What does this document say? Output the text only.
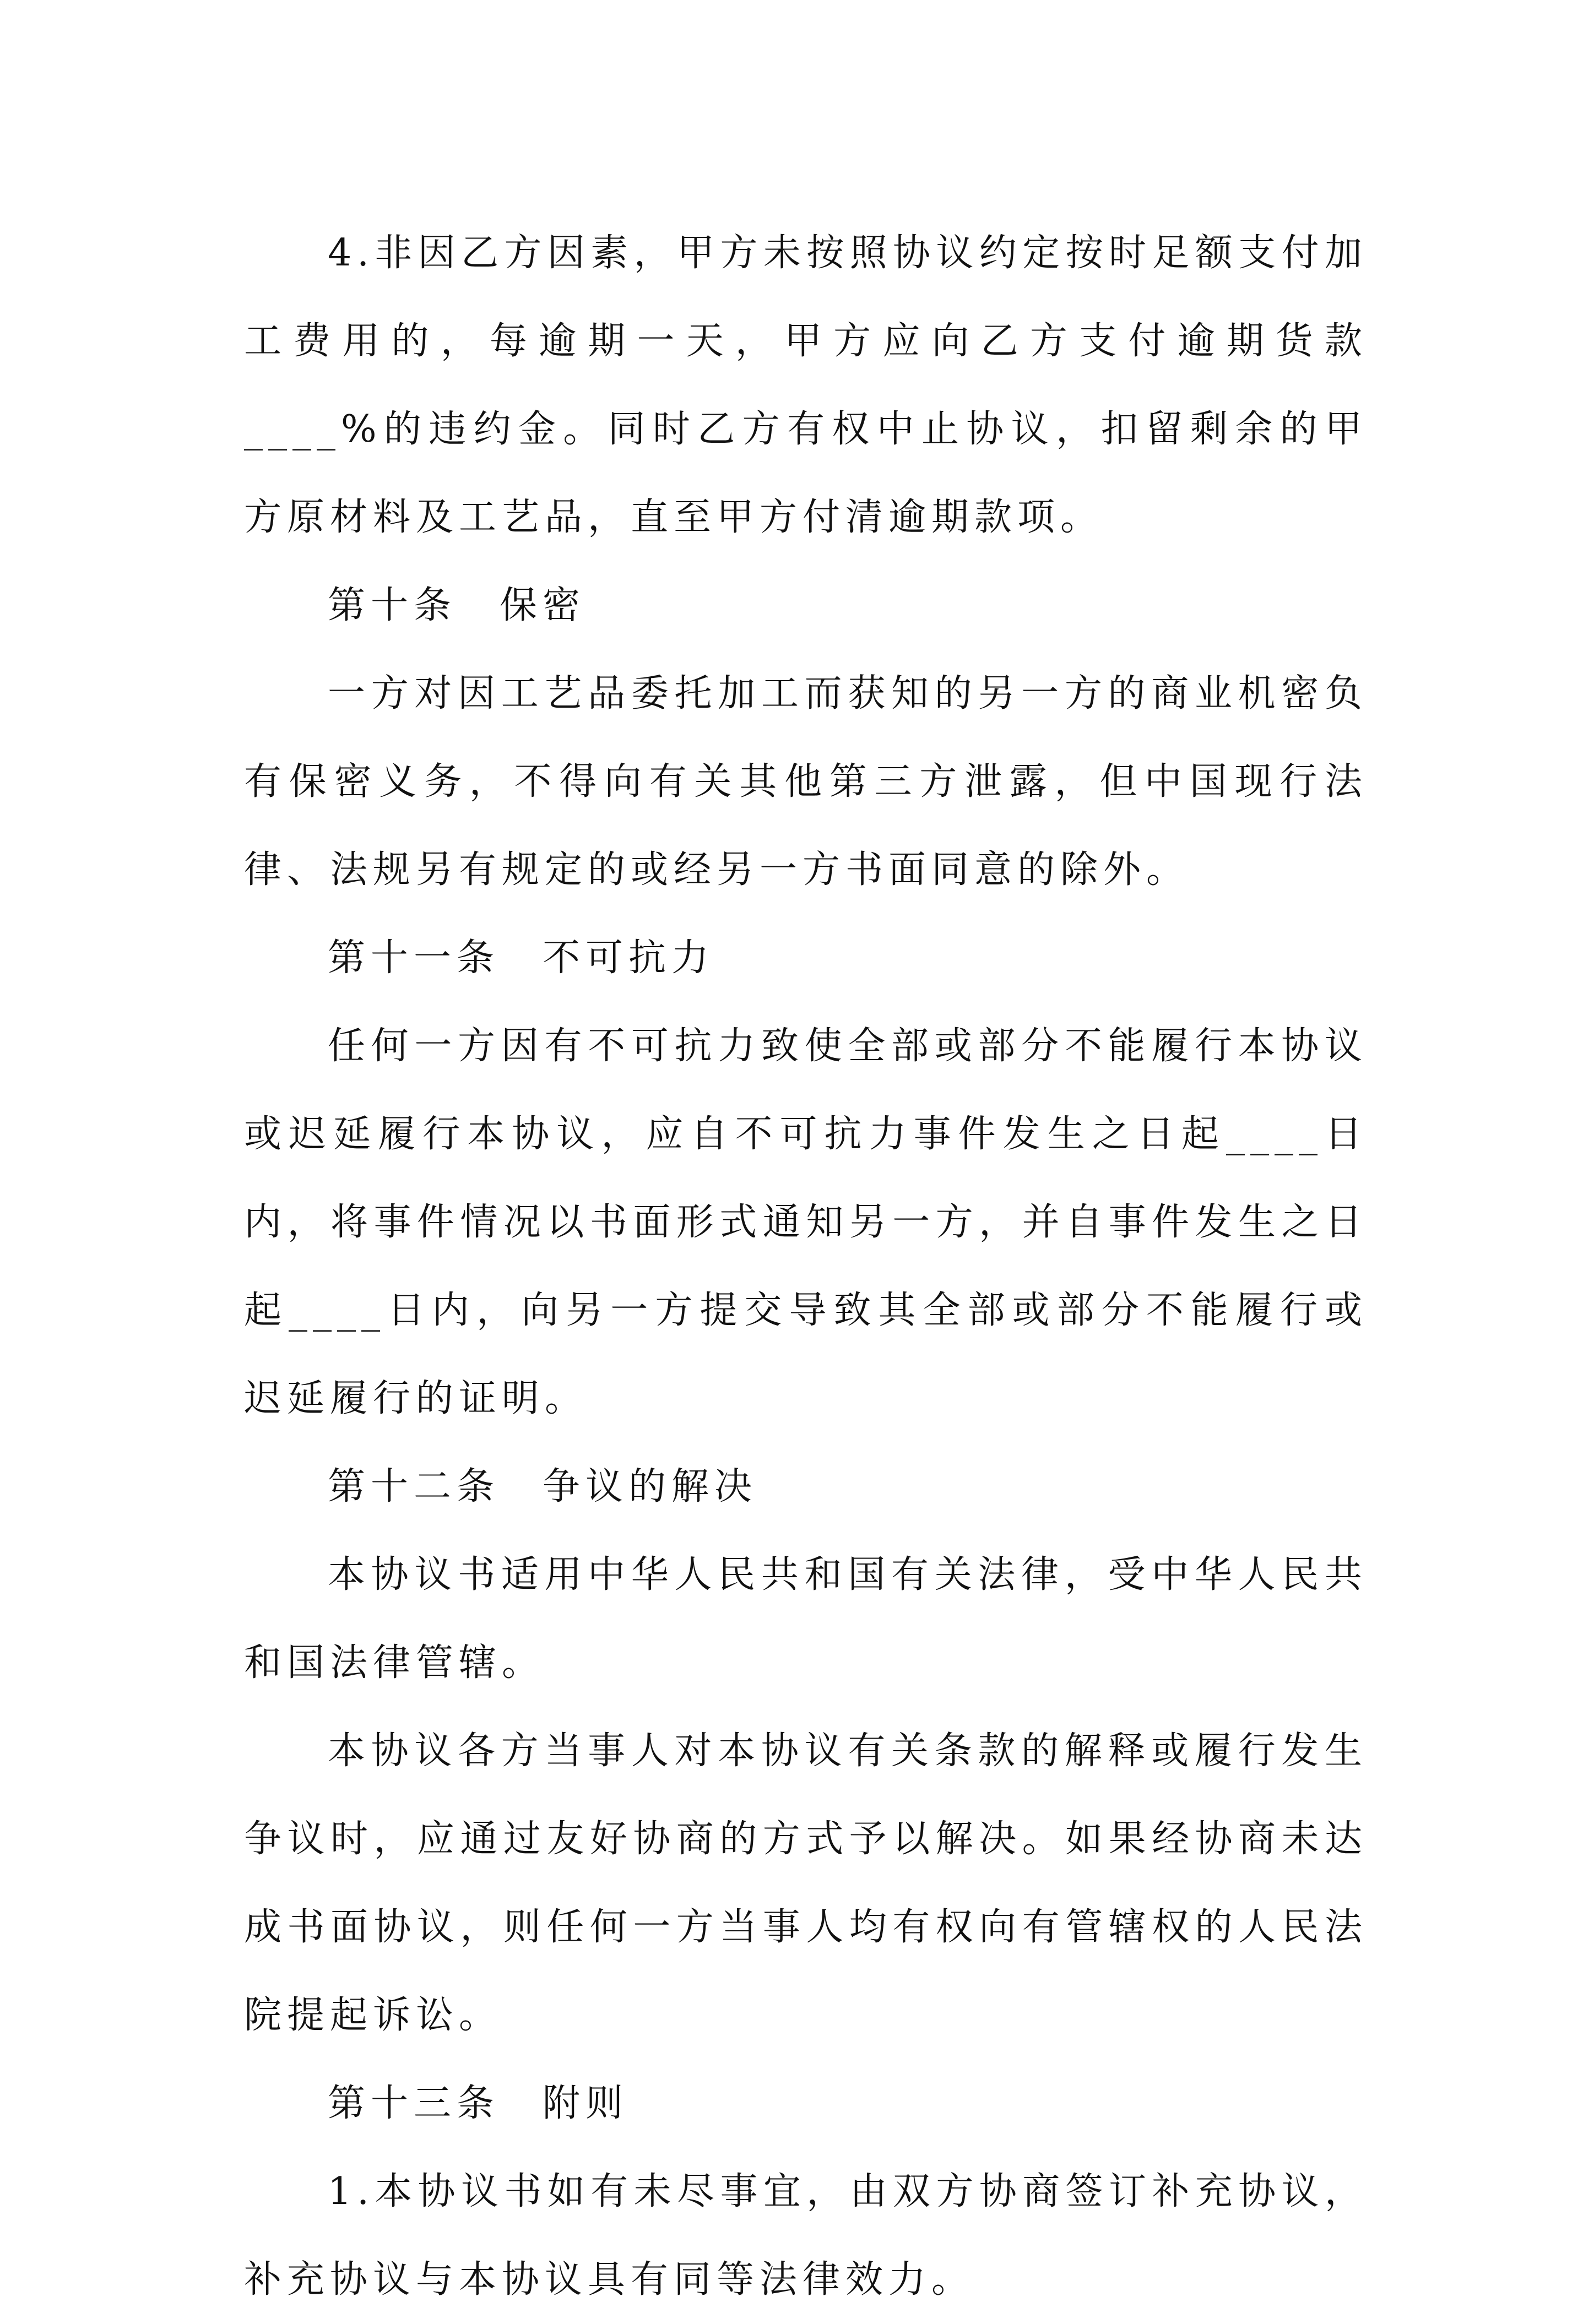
4.非因乙方因素，甲方未按照协议约定按时足额支付加工费用的，每逾期一天，甲方应向乙方支付逾期货款____%的违约金。同时乙方有权中止协议，扣留剩余的甲方原材料及工艺品，直至甲方付清逾期款项。

第十条　保密

一方对因工艺品委托加工而获知的另一方的商业机密负有保密义务，不得向有关其他第三方泄露，但中国现行法律、法规另有规定的或经另一方书面同意的除外。

第十一条　不可抗力

任何一方因有不可抗力致使全部或部分不能履行本协议或迟延履行本协议，应自不可抗力事件发生之日起____日内，将事件情况以书面形式通知另一方，并自事件发生之日起____日内，向另一方提交导致其全部或部分不能履行或迟延履行的证明。

第十二条　争议的解决

本协议书适用中华人民共和国有关法律，受中华人民共和国法律管辖。

本协议各方当事人对本协议有关条款的解释或履行发生争议时，应通过友好协商的方式予以解决。如果经协商未达成书面协议，则任何一方当事人均有权向有管辖权的人民法院提起诉讼。

第十三条　附则

1.本协议书如有未尽事宜，由双方协商签订补充协议，补充协议与本协议具有同等法律效力。
